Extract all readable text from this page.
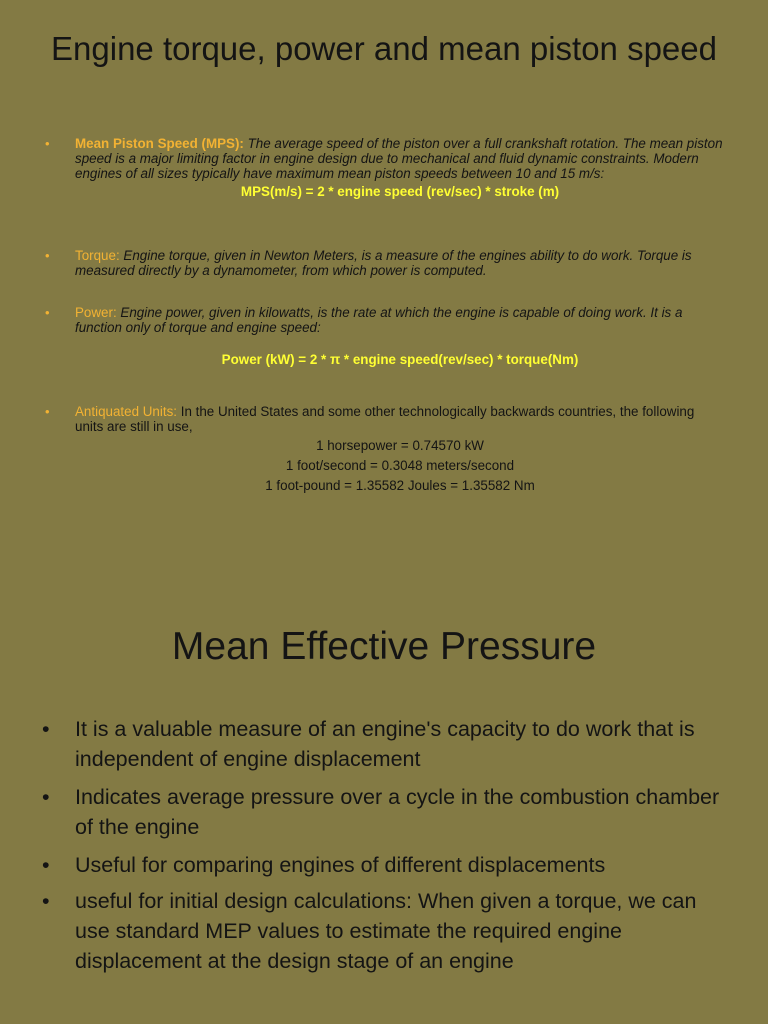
Engine torque, power and mean piston speed
• Mean Piston Speed (MPS): The average speed of the piston over a full crankshaft rotation. The mean piston speed is a major limiting factor in engine design due to mechanical and fluid dynamic constraints. Modern engines of all sizes typically have maximum mean piston speeds between 10 and 15 m/s:
MPS(m/s) = 2 * engine speed (rev/sec) * stroke (m)
• Torque: Engine torque, given in Newton Meters, is a measure of the engines ability to do work. Torque is measured directly by a dynamometer, from which power is computed.
• Power: Engine power, given in kilowatts, is the rate at which the engine is capable of doing work. It is a function only of torque and engine speed:
Power (kW) = 2 * π * engine speed(rev/sec) * torque(Nm)
• Antiquated Units: In the United States and some other technologically backwards countries, the following units are still in use,
1 horsepower = 0.74570 kW
1 foot/second = 0.3048 meters/second
1 foot-pound = 1.35582 Joules = 1.35582 Nm
Mean Effective Pressure
• It is a valuable measure of an engine's capacity to do work that is independent of engine displacement
• Indicates average pressure over a cycle in the combustion chamber of the engine
• Useful for comparing engines of different displacements
• useful for initial design calculations: When given a torque, we can use standard MEP values to estimate the required engine displacement at the design stage of an engine
